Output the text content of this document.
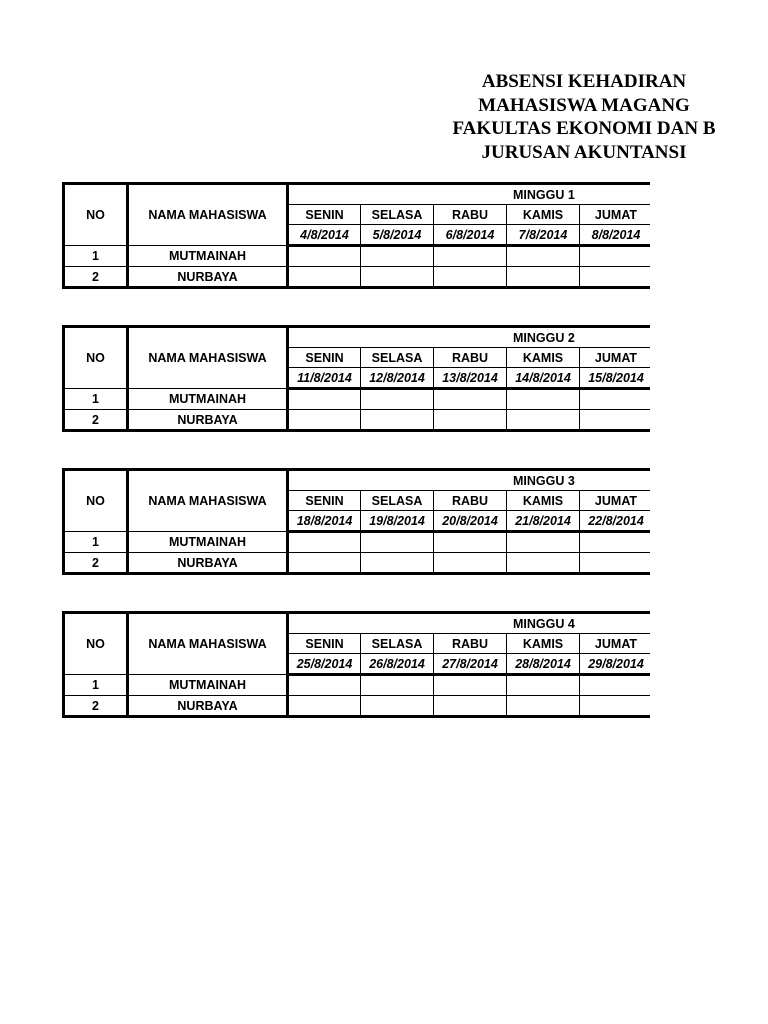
ABSENSI KEHADIRAN
MAHASISWA MAGANG
FAKULTAS EKONOMI DAN B
JURUSAN AKUNTANSI
NO	NAMA MAHASISWA	MINGGU 1					
		SENIN	SELASA	RABU	KAMIS	JUMAT	
		4/8/2014	5/8/2014	6/8/2014	7/8/2014	8/8/2014	
1	MUTMAINAH						
2	NURBAYA						
NO	NAMA MAHASISWA	MINGGU 2					
		SENIN	SELASA	RABU	KAMIS	JUMAT	
		11/8/2014	12/8/2014	13/8/2014	14/8/2014	15/8/2014	
1	MUTMAINAH						
2	NURBAYA						
NO	NAMA MAHASISWA	MINGGU 3					
		SENIN	SELASA	RABU	KAMIS	JUMAT	
		18/8/2014	19/8/2014	20/8/2014	21/8/2014	22/8/2014	
1	MUTMAINAH						
2	NURBAYA						
NO	NAMA MAHASISWA	MINGGU 4					
		SENIN	SELASA	RABU	KAMIS	JUMAT	
		25/8/2014	26/8/2014	27/8/2014	28/8/2014	29/8/2014	
1	MUTMAINAH						
2	NURBAYA						
